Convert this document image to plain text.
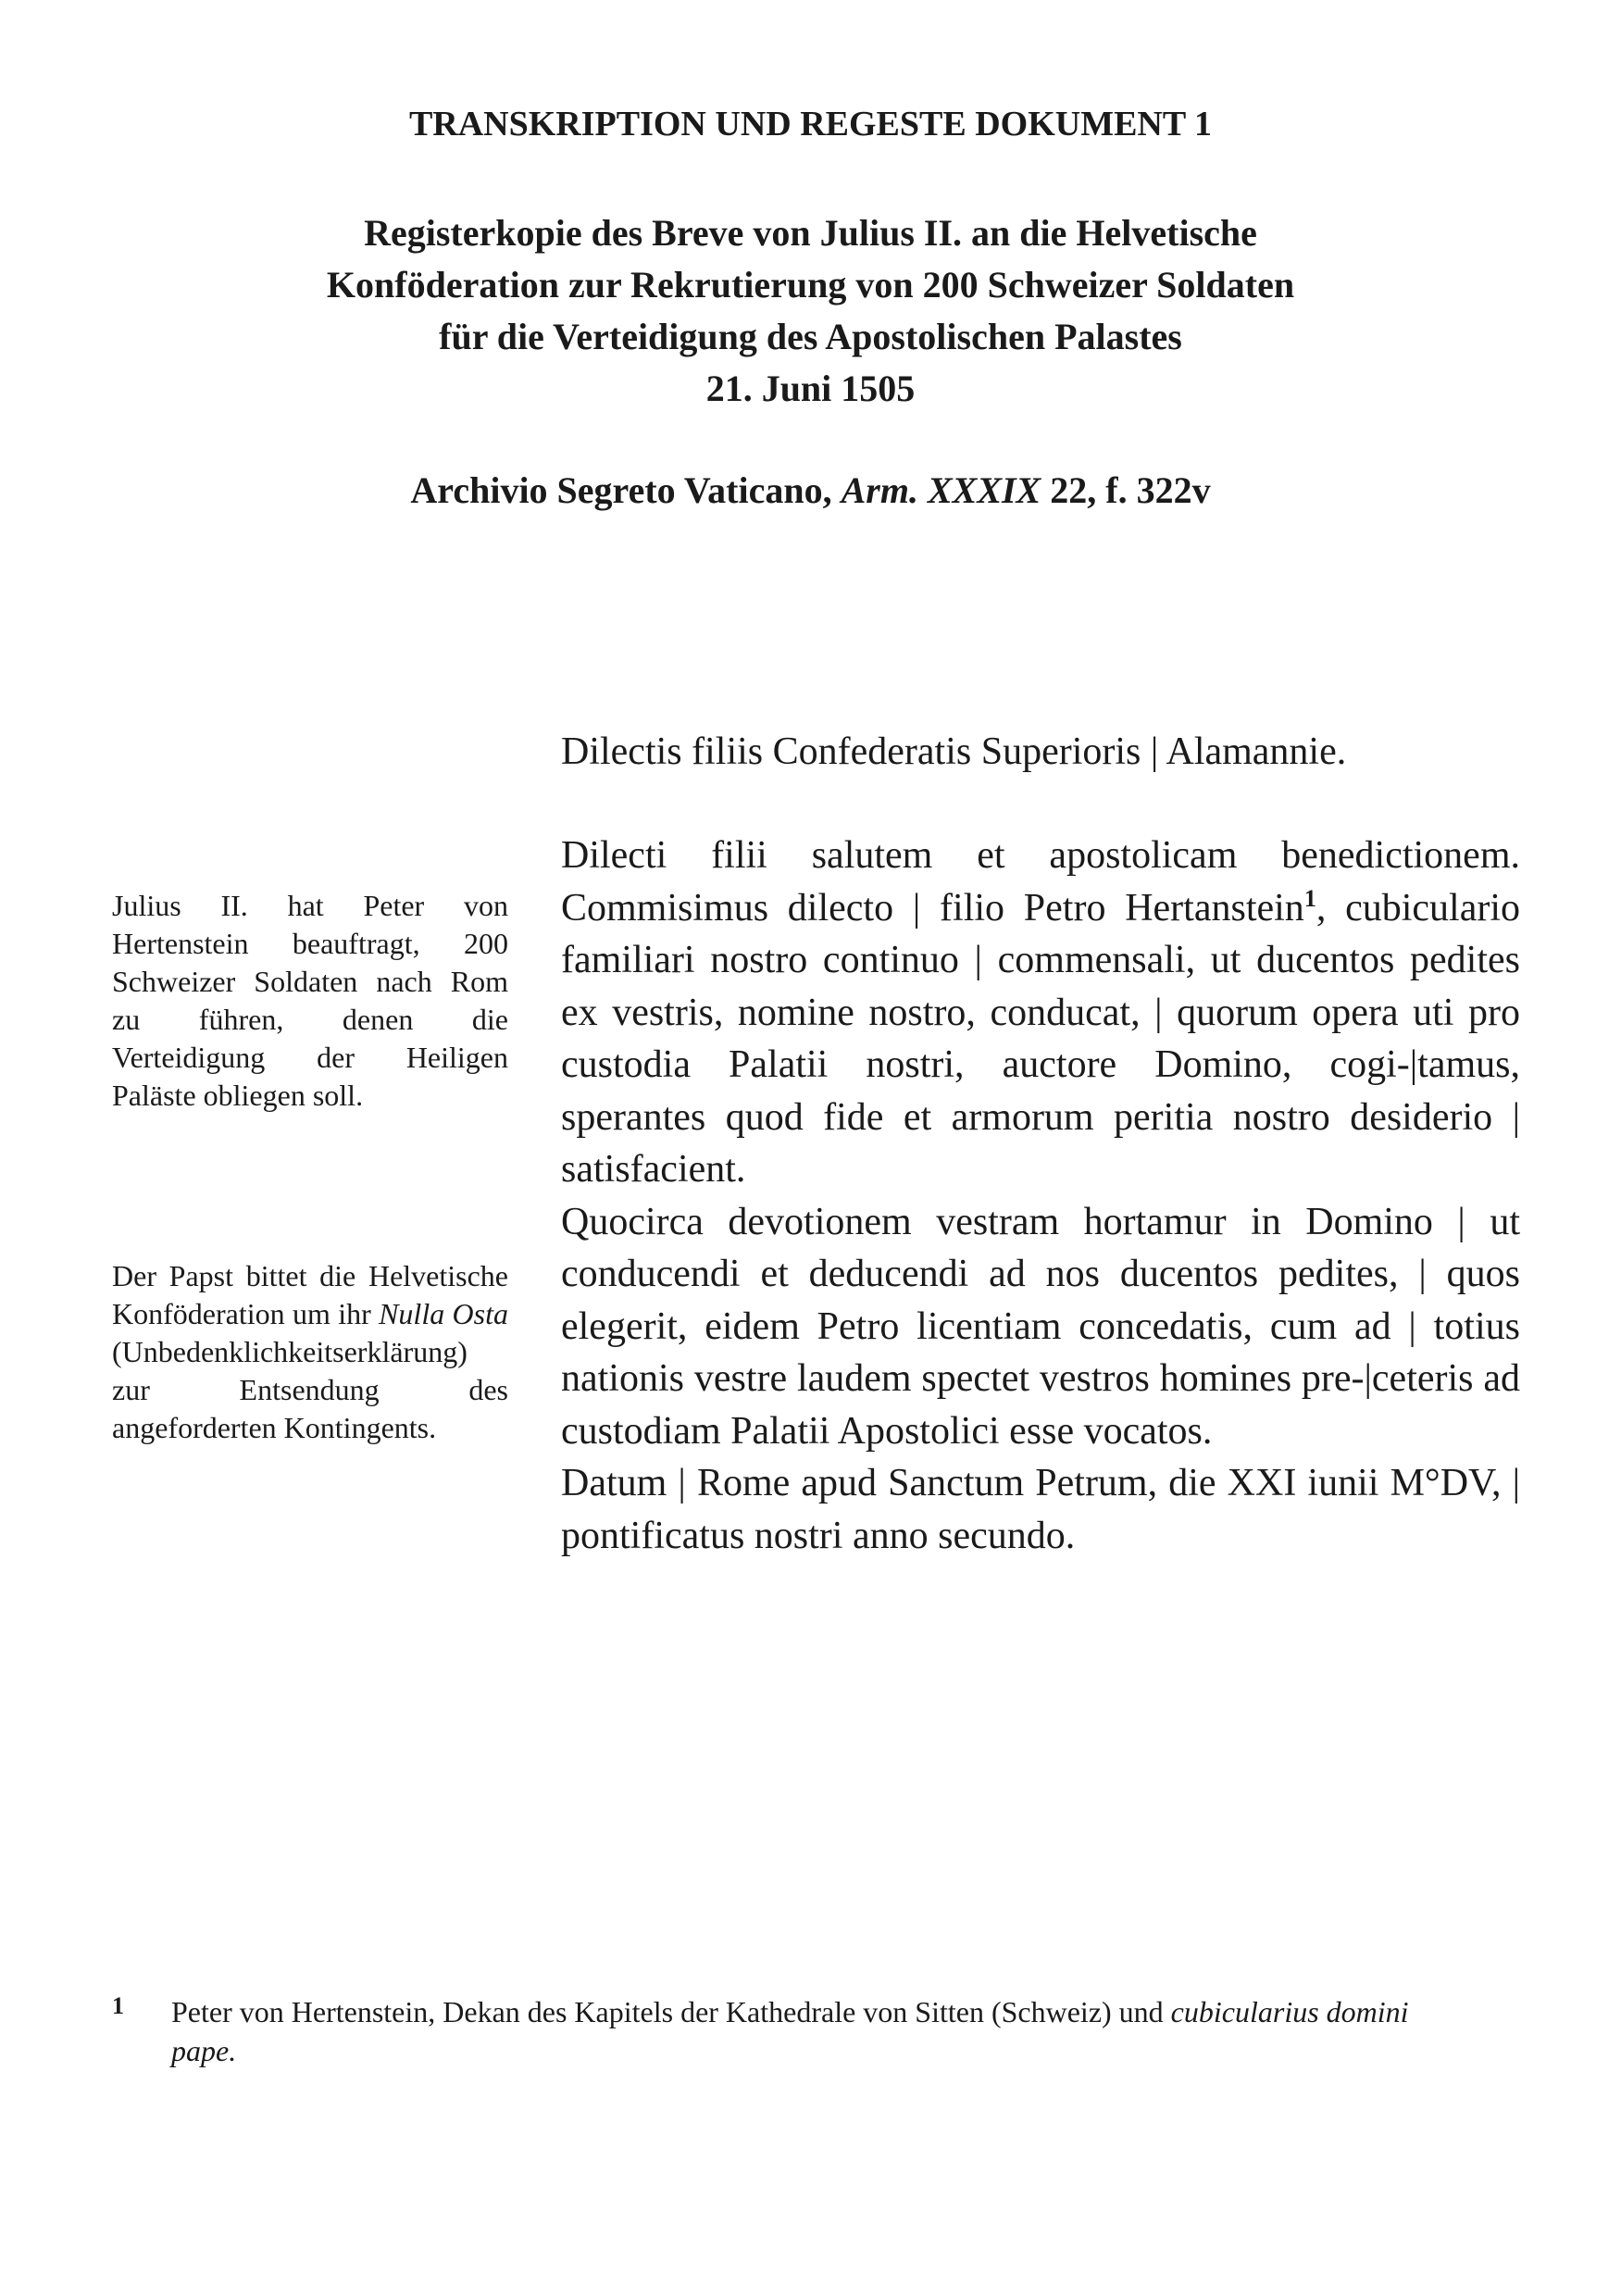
TRANSKRIPTION UND REGESTE DOKUMENT 1
Registerkopie des Breve von Julius II. an die Helvetische
Konföderation zur Rekrutierung von 200 Schweizer Soldaten
für die Verteidigung des Apostolischen Palastes
21. Juni 1505

Archivio Segreto Vaticano, Arm. XXXIX 22, f. 322v

Dilectis filiis Confederatis Superioris | Alamannie.

Dilecti filii salutem et apostolicam benedictionem. Commisimus dilecto | filio Petro Hertanstein$^1$, cubiculario familiari nostro continuo | commensali, ut ducentos pedites ex vestris, nomine nostro, conducat, | quorum opera uti pro custodia Palatii nostri, auctore Domino, cogi-|tamus, sperantes quod fide et armorum peritia nostro desiderio | satisfacient.

Quocirca devotionem vestram hortamur in Domino | ut conducendi et deducendi ad nos ducentos pedites, | quos elegerit, eidem Petro licentiam concedatis, cum ad | totius nationis vestre laudem spectet vestros homines pre-|ceteris ad custodiam Palatii Apostolici esse vocatos.

Datum | Rome apud Sanctum Petrum, die XXI iunii M°DV, | pontificatus nostri anno secundo.

Julius II. hat Peter von Hertenstein beauftragt, 200 Schweizer Soldaten nach Rom zu führen, denen die Verteidigung der Heiligen Paläste obliegen soll.

Der Papst bittet die Helvetische Konföderation um ihr Nulla Osta (Unbedenklichkeitserklärung) zur Entsendung des angeforderten Kontingents.

1 Peter von Hertenstein, Dekan des Kapitels der Kathedrale von Sitten (Schweiz) und cubicularius domini pape.
